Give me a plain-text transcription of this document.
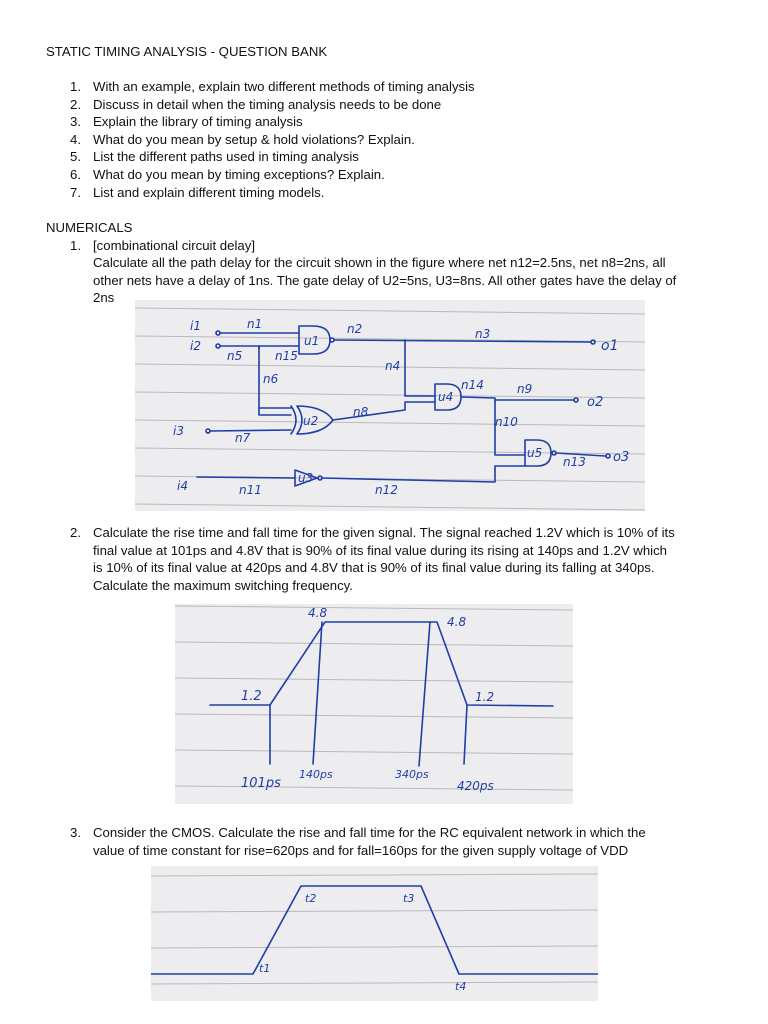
STATIC TIMING ANALYSIS - QUESTION BANK
1. With an example, explain two different methods of timing analysis
2. Discuss in detail when the timing analysis needs to be done
3. Explain the library of timing analysis
4. What do you mean by setup & hold violations? Explain.
5. List the different paths used in timing analysis
6. What do you mean by timing exceptions? Explain.
7. List and explain different timing models.
NUMERICALS
1. [combinational circuit delay]
Calculate all the path delay for the circuit shown in the figure where net n12=2.5ns, net n8=2ns, all
other nets have a delay of 1ns. The gate delay of U2=5ns, U3=8ns. All other gates have the delay of
2ns
i1
i2
i3
i4
n1	n2	n3
n4
n5
n6
n7
n8
n9
n10
n11	n12
n13
n14
n15
u1
u2
u3
u4
u5
o1
o2
o3
2. Calculate the rise time and fall time for the given signal. The signal reached 1.2V which is 10% of its
final value at 101ps and 4.8V that is 90% of its final value during its rising at 140ps and 1.2V which
is 10% of its final value at 420ps and 4.8V that is 90% of its final value during its falling at 340ps.
Calculate the maximum switching frequency.
4.8
4.8
1.2	1.2
101ps
140ps	340ps
420ps
3. Consider the CMOS. Calculate the rise and fall time for the RC equivalent network in which the
value of time constant for rise=620ps and for fall=160ps for the given supply voltage of VDD
t1
t2	t3
t4
